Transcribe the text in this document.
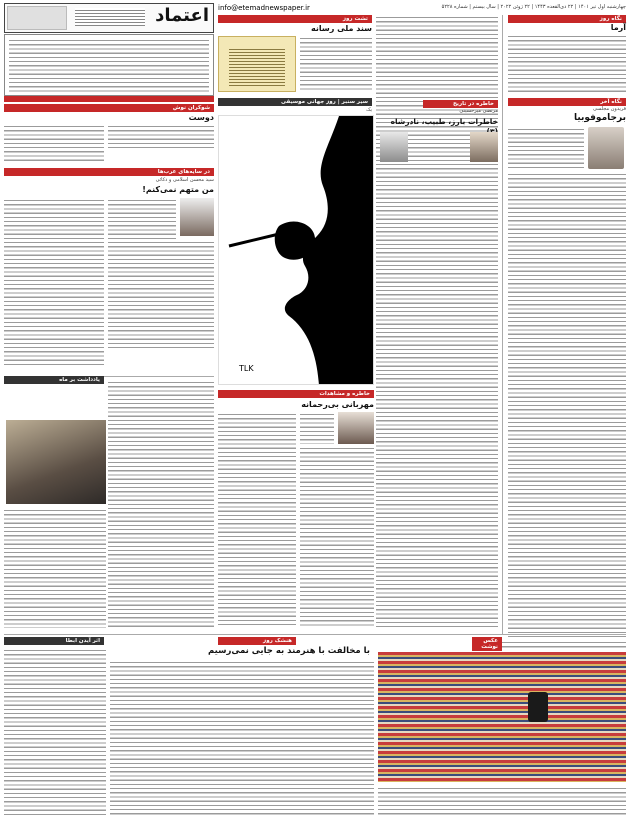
اعتماد info@etemadnewspaper.ir	چهارشنبه اول تیر ۱۴۰۱ | ۲۲ ذی‌القعده ۱۴۴۳ | ۲۲ ژوئن ۲۰۲۲ | سال بیستم | شماره ۵۲۲۸
نگاه روز
آرما
نگاه آخر
فریدون مجلسی
برجاموفوبیا
تشت روز
سند ملی رسانه
خاطره در تاریخ
مرتضی میرحسینی
خاطرات بارز، طبیب، نادرشاه
سیر سنبر | روز جهانی موسیقی
یک
TLK
شوکران نوش
دوست
در سایه‌های عرب‌ها
سید محسن اسلامی و ذکائی
من متهم نمی‌کنم!
خاطره و مشاهدات
مهربانی بی‌رحمانه
یادداشت بر ماه
هنشک روز
با مخالفت با هنرمند به جایی نمی‌رسیم
اثر آیدن ابطا	عکس نوشت
